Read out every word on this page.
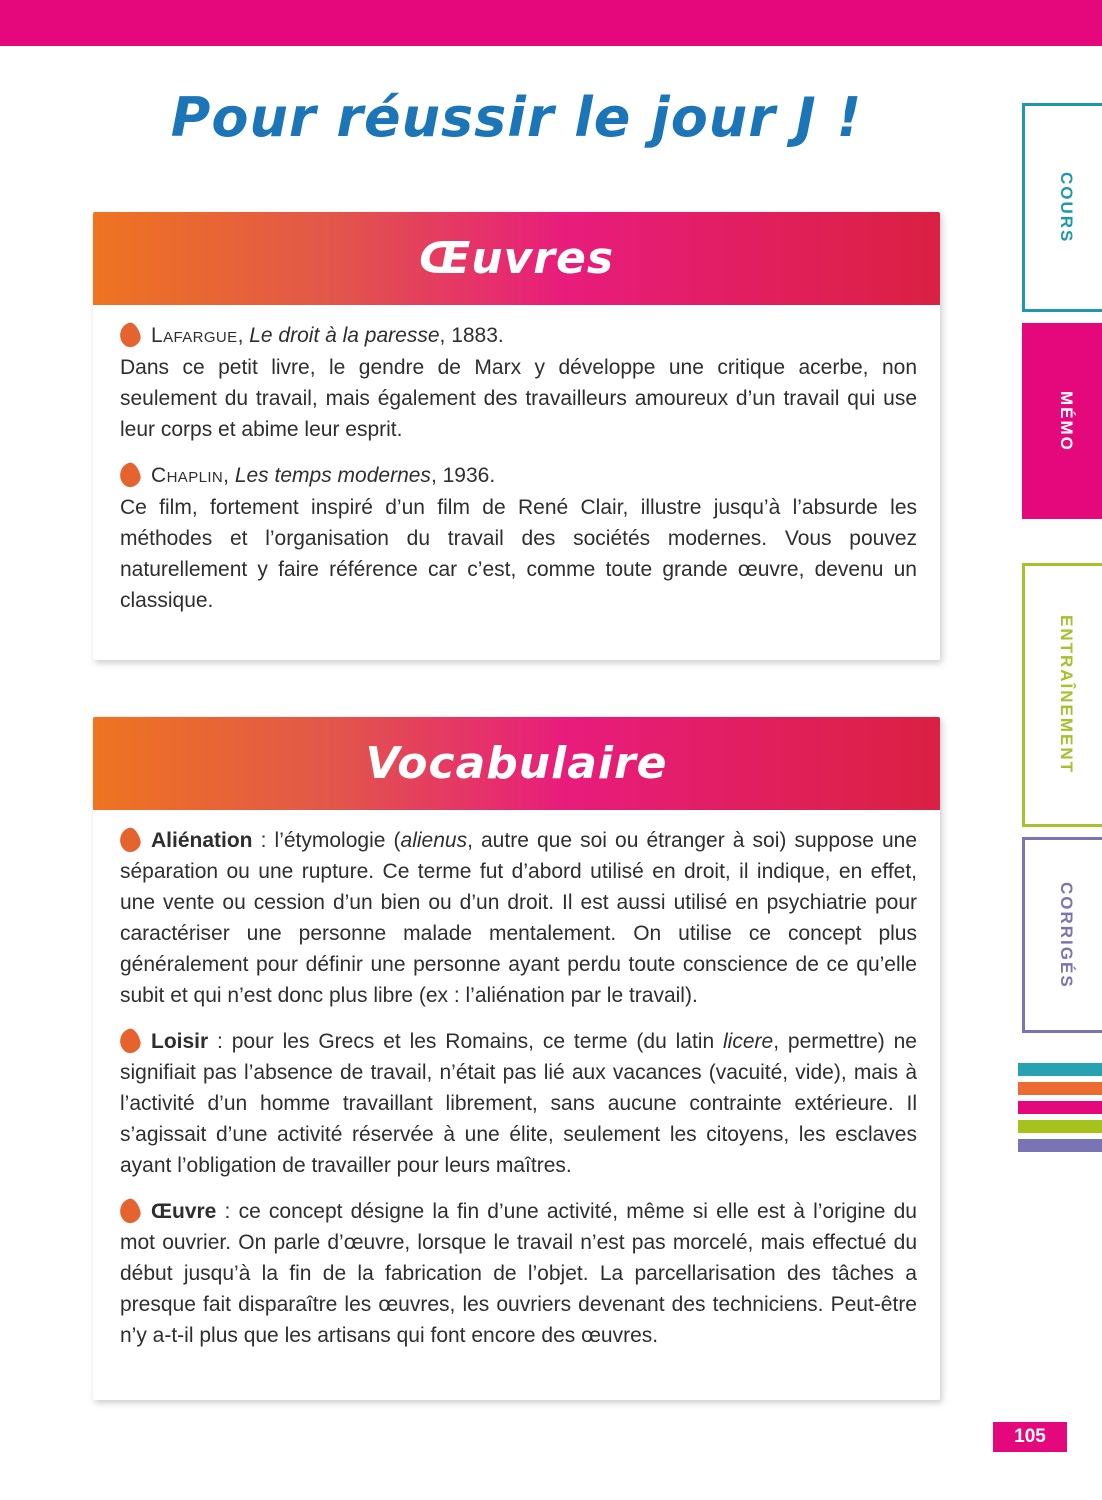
Pour réussir le jour J !
Œuvres

Lafargue, Le droit à la paresse, 1883.

Dans ce petit livre, le gendre de Marx y développe une critique acerbe, non seulement du travail, mais également des travailleurs amoureux d’un travail qui use leur corps et abime leur esprit.

Chaplin, Les temps modernes, 1936.

Ce film, fortement inspiré d’un film de René Clair, illustre jusqu’à l’absurde les méthodes et l’organisation du travail des sociétés modernes. Vous pouvez naturellement y faire référence car c’est, comme toute grande œuvre, devenu un classique.

Vocabulaire

Aliénation : l’étymologie (alienus, autre que soi ou étranger à soi) suppose une séparation ou une rupture. Ce terme fut d’abord utilisé en droit, il indique, en effet, une vente ou cession d’un bien ou d’un droit. Il est aussi utilisé en psychiatrie pour caractériser une personne malade mentalement. On utilise ce concept plus généralement pour définir une personne ayant perdu toute conscience de ce qu’elle subit et qui n’est donc plus libre (ex : l’aliénation par le travail).

Loisir : pour les Grecs et les Romains, ce terme (du latin licere, permettre) ne signifiait pas l’absence de travail, n’était pas lié aux vacances (vacuité, vide), mais à l’activité d’un homme travaillant librement, sans aucune contrainte extérieure. Il s’agissait d’une activité réservée à une élite, seulement les citoyens, les esclaves ayant l’obligation de travailler pour leurs maîtres.

Œuvre : ce concept désigne la fin d’une activité, même si elle est à l’origine du mot ouvrier. On parle d’œuvre, lorsque le travail n’est pas morcelé, mais effectué du début jusqu’à la fin de la fabrication de l’objet. La parcellarisation des tâches a presque fait disparaître les œuvres, les ouvriers devenant des techniciens. Peut-être n’y a-t-il plus que les artisans qui font encore des œuvres.

COURS
MÉMO
ENTRAÎNEMENT
CORRIGÉS
105
